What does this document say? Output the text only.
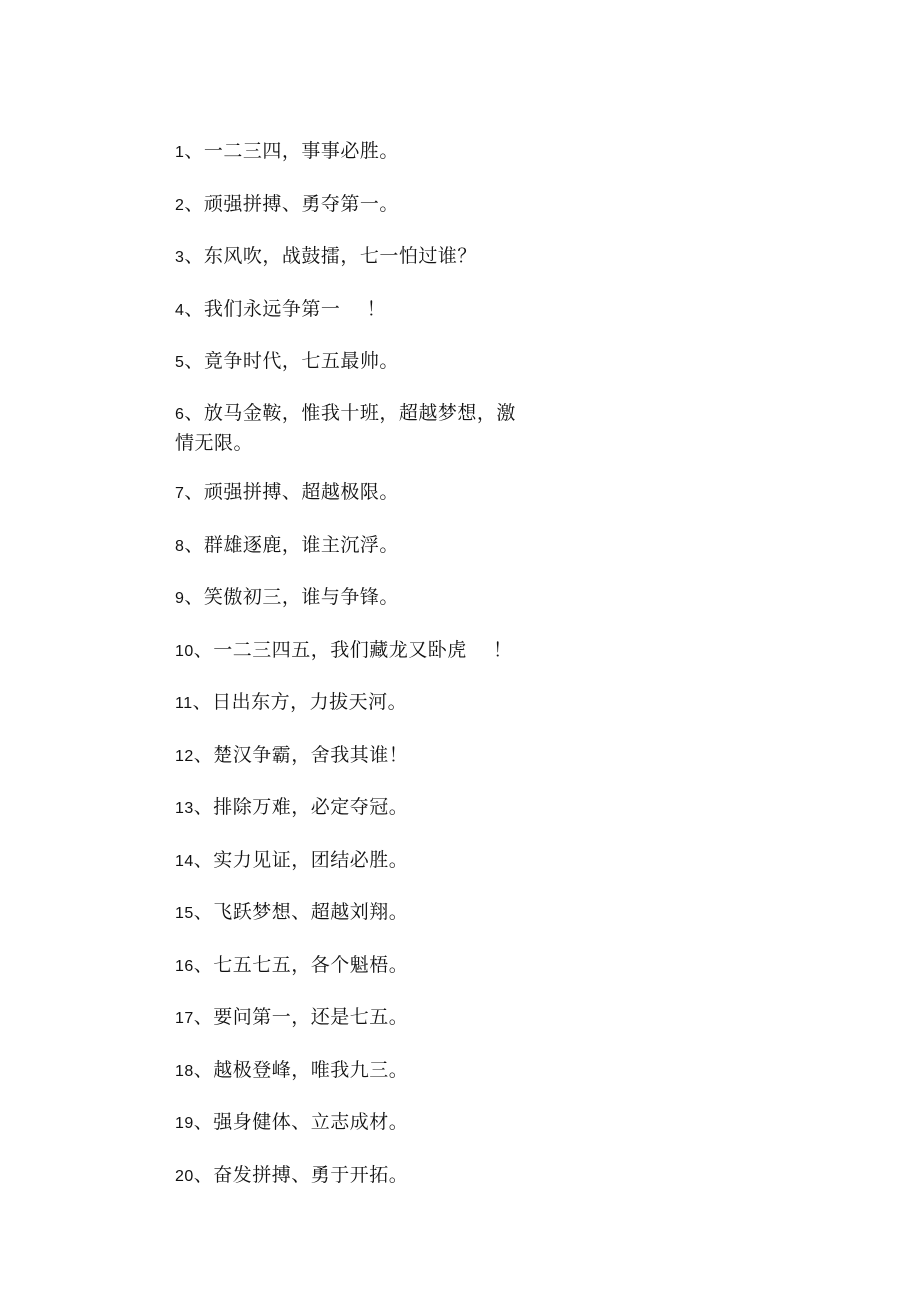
1、一二三四，事事必胜。
2、顽强拼搏、勇夺第一。
3、东风吹，战鼓擂，七一怕过谁？
4、我们永远争第一    ！
5、竟争时代，七五最帅。
6、放马金鞍，惟我十班，超越梦想，激情无限。
7、顽强拼搏、超越极限。
8、群雄逐鹿，谁主沉浮。
9、笑傲初三，谁与争锋。
10、一二三四五，我们藏龙又卧虎    ！
11、日出东方，力拔天河。
12、楚汉争霸，舍我其谁！
13、排除万难，必定夺冠。
14、实力见证，团结必胜。
15、飞跃梦想、超越刘翔。
16、七五七五，各个魁梧。
17、要问第一，还是七五。
18、越极登峰，唯我九三。
19、强身健体、立志成材。
20、奋发拼搏、勇于开拓。
